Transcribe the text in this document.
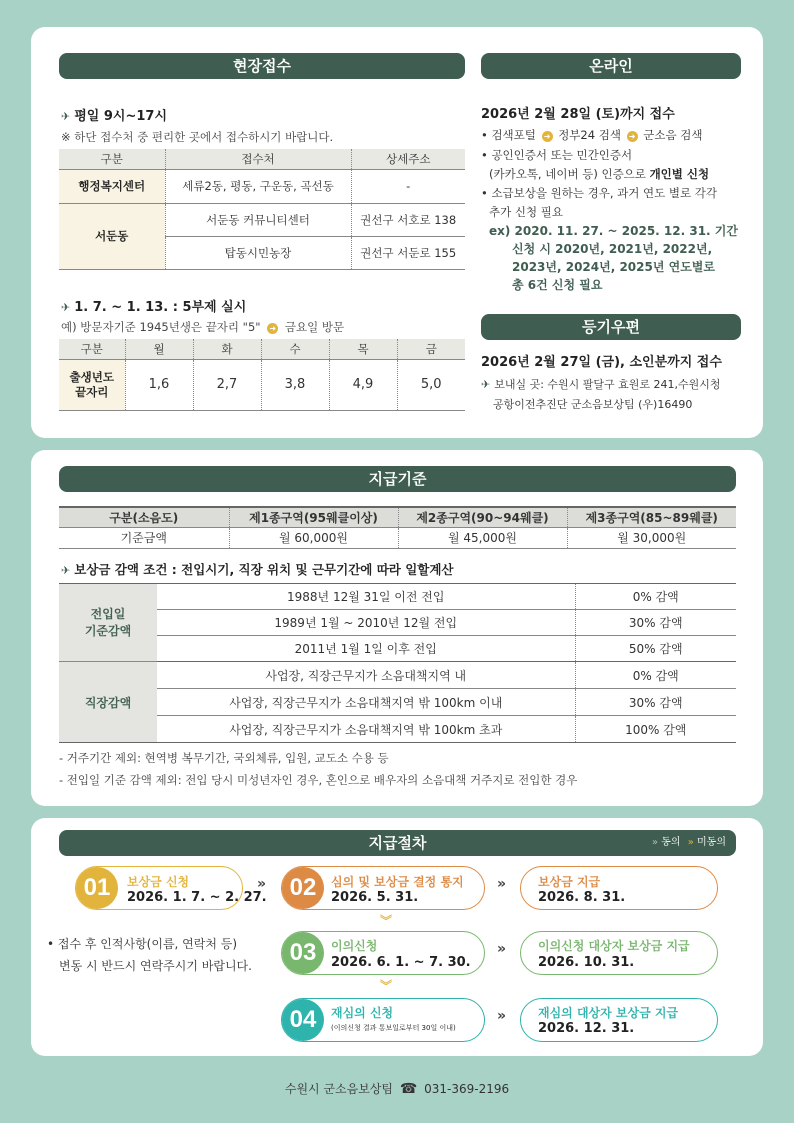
현장접수
✈ 평일 9시~17시
※ 하단 접수처 중 편리한 곳에서 접수하시기 바랍니다.
구분	접수처	상세주소
행정복지센터	세류2동, 평동, 구운동, 곡선동	-
서둔동	서둔동 커뮤니티센터	권선구 서호로 138
	탑동시민농장	권선구 서둔로 155
✈ 1. 7. ~ 1. 13. : 5부제 실시
예) 방문자기준 1945년생은 끝자리 "5" ➜ 금요일 방문
구분	월	화	수	목	금
출생년도
끝자리	1,6	2,7	3,8	4,9	5,0
온라인
2026년 2월 28일 (토)까지 접수
• 검색포털 ➜ 정부24 검색 ➜ 군소음 검색
• 공인인증서 또는 민간인증서
(카카오톡, 네이버 등) 인증으로 개인별 신청
• 소급보상을 원하는 경우, 과거 연도 별로 각각
추가 신청 필요
ex) 2020. 11. 27. ~ 2025. 12. 31. 기간
신청 시 2020년, 2021년, 2022년,
2023년, 2024년, 2025년 연도별로
총 6건 신청 필요
등기우편
2026년 2월 27일 (금), 소인분까지 접수
✈ 보내실 곳: 수원시 팔달구 효원로 241,수원시청
공항이전추진단 군소음보상팀 (우)16490
지급기준
구분(소음도)	제1종구역(95웨클이상)	제2종구역(90~94웨클)	제3종구역(85~89웨클)
기준금액	월 60,000원	월 45,000원	월 30,000원
✈ 보상금 감액 조건 : 전입시기, 직장 위치 및 근무기간에 따라 일할계산
전입일
기준감액	1988년 12월 31일 이전 전입	0% 감액
	1989년 1월 ~ 2010년 12월 전입	30% 감액
	2011년 1월 1일 이후 전입	50% 감액
직장감액	사업장, 직장근무지가 소음대책지역 내	0% 감액
	사업장, 직장근무지가 소음대책지역 밖 100km 이내	30% 감액
	사업장, 직장근무지가 소음대책지역 밖 100km 초과	100% 감액
- 거주기간 제외: 현역병 복무기간, 국외체류, 입원, 교도소 수용 등
- 전입일 기준 감액 제외: 전입 당시 미성년자인 경우, 혼인으로 배우자의 소음대책 거주지로 전입한 경우
지급절차	» 동의 » 미동의
01	보상금 신청
2026. 1. 7. ~ 2. 27.
» 02	심의 및 보상금 결정 통지
2026. 5. 31.
»	보상금 지급
2026. 8. 31.
︾
• 접수 후 인적사항(이름, 연락처 등)
변동 시 반드시 연락주시기 바랍니다.	03	이의신청
2026. 6. 1. ~ 7. 30.
»	이의신청 대상자 보상금 지급
2026. 10. 31.
︾
04	재심의 신청
(이의신청 결과 통보일로부터 30일 이내)
»	재심의 대상자 보상금 지급
2026. 12. 31.
수원시 군소음보상팀 ☎ 031-369-2196
